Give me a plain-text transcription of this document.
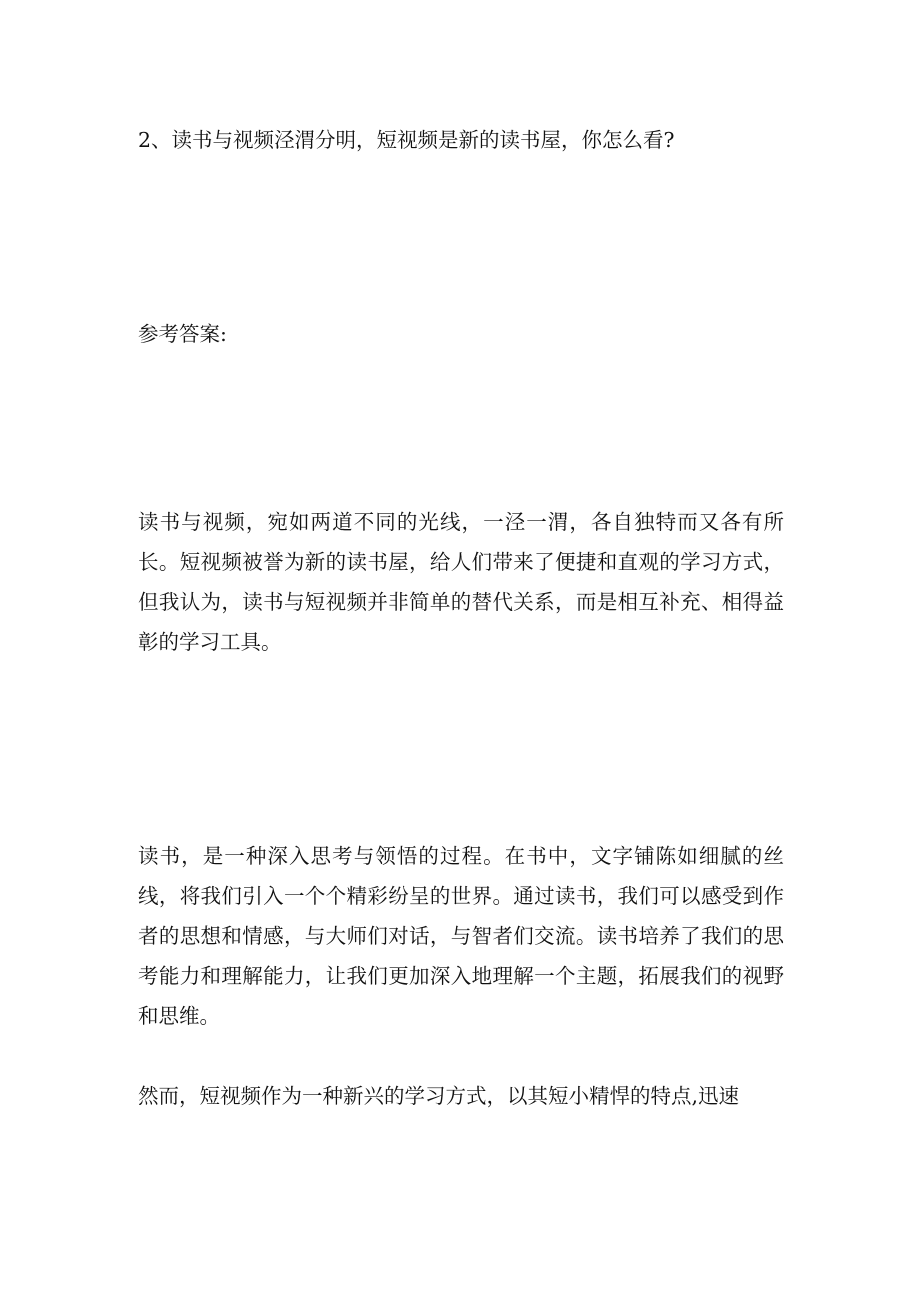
2、读书与视频泾渭分明，短视频是新的读书屋，你怎么看?

参考答案:

读书与视频，宛如两道不同的光线，一泾一渭，各自独特而又各有所长。短视频被誉为新的读书屋，给人们带来了便捷和直观的学习方式，但我认为，读书与短视频并非简单的替代关系，而是相互补充、相得益彰的学习工具。

读书，是一种深入思考与领悟的过程。在书中，文字铺陈如细腻的丝线，将我们引入一个个精彩纷呈的世界。通过读书，我们可以感受到作者的思想和情感，与大师们对话，与智者们交流。读书培养了我们的思考能力和理解能力，让我们更加深入地理解一个主题，拓展我们的视野和思维。

然而，短视频作为一种新兴的学习方式，以其短小精悍的特点,迅速
